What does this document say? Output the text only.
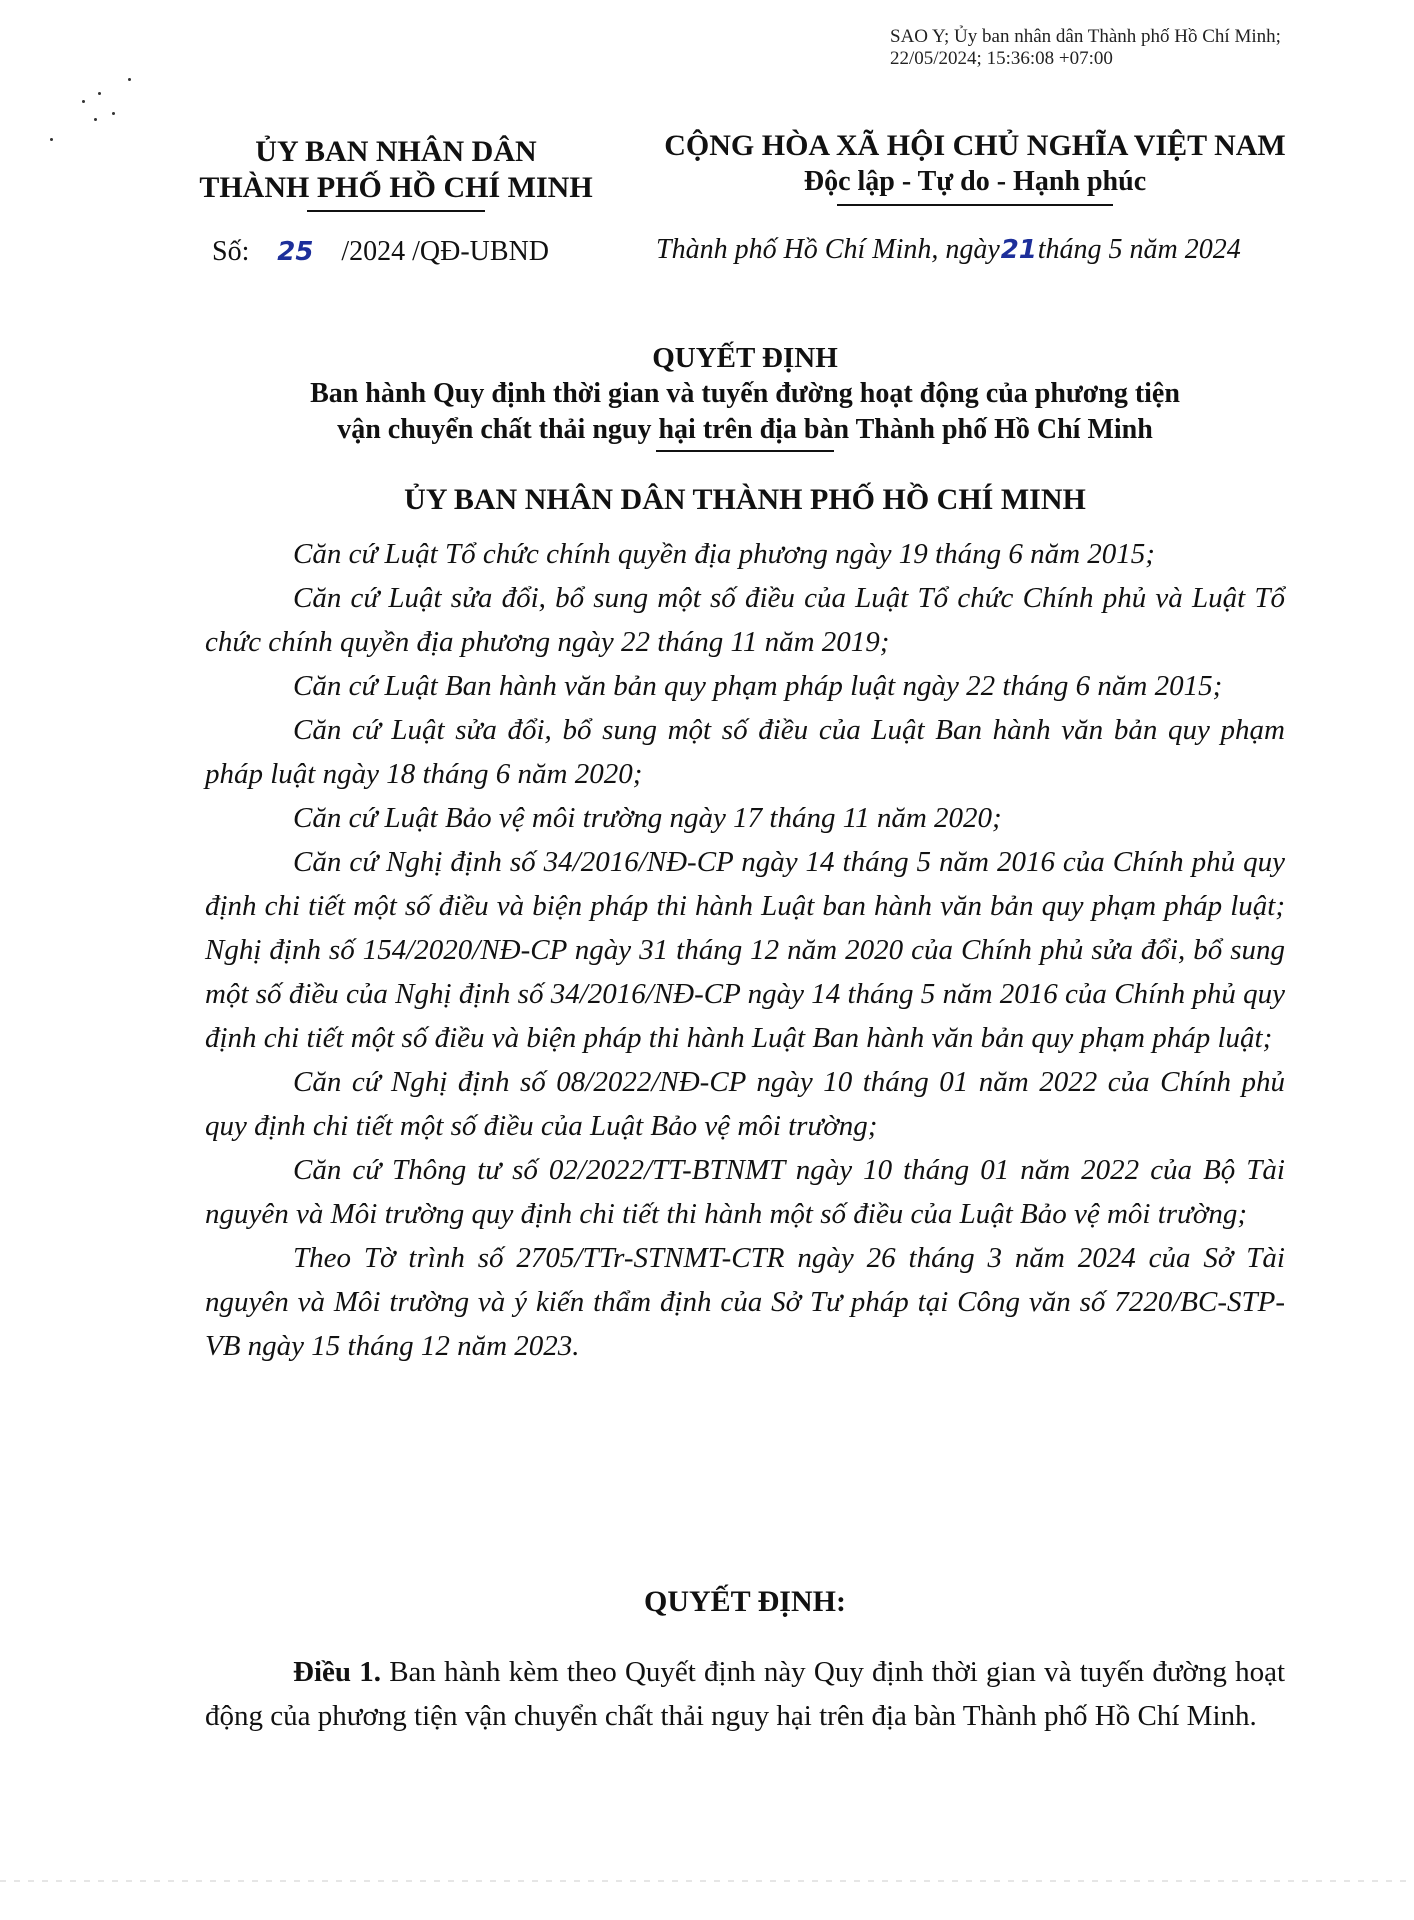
SAO Y; Ủy ban nhân dân Thành phố Hồ Chí Minh;
22/05/2024; 15:36:08 +07:00
ỦY BAN NHÂN DÂN
THÀNH PHỐ HỒ CHÍ MINH
CỘNG HÒA XÃ HỘI CHỦ NGHĨA VIỆT NAM
Độc lập - Tự do - Hạnh phúc
Số: 25 /2024 /QĐ-UBND	Thành phố Hồ Chí Minh, ngày21tháng 5 năm 2024
QUYẾT ĐỊNH
Ban hành Quy định thời gian và tuyến đường hoạt động của phương tiện
vận chuyển chất thải nguy hại trên địa bàn Thành phố Hồ Chí Minh
ỦY BAN NHÂN DÂN THÀNH PHỐ HỒ CHÍ MINH

Căn cứ Luật Tổ chức chính quyền địa phương ngày 19 tháng 6 năm 2015;

Căn cứ Luật sửa đổi, bổ sung một số điều của Luật Tổ chức Chính phủ và Luật Tổ chức chính quyền địa phương ngày 22 tháng 11 năm 2019;

Căn cứ Luật Ban hành văn bản quy phạm pháp luật ngày 22 tháng 6 năm 2015;

Căn cứ Luật sửa đổi, bổ sung một số điều của Luật Ban hành văn bản quy phạm pháp luật ngày 18 tháng 6 năm 2020;

Căn cứ Luật Bảo vệ môi trường ngày 17 tháng 11 năm 2020;

Căn cứ Nghị định số 34/2016/NĐ-CP ngày 14 tháng 5 năm 2016 của Chính phủ quy định chi tiết một số điều và biện pháp thi hành Luật ban hành văn bản quy phạm pháp luật; Nghị định số 154/2020/NĐ-CP ngày 31 tháng 12 năm 2020 của Chính phủ sửa đổi, bổ sung một số điều của Nghị định số 34/2016/NĐ-CP ngày 14 tháng 5 năm 2016 của Chính phủ quy định chi tiết một số điều và biện pháp thi hành Luật Ban hành văn bản quy phạm pháp luật;

Căn cứ Nghị định số 08/2022/NĐ-CP ngày 10 tháng 01 năm 2022 của Chính phủ quy định chi tiết một số điều của Luật Bảo vệ môi trường;

Căn cứ Thông tư số 02/2022/TT-BTNMT ngày 10 tháng 01 năm 2022 của Bộ Tài nguyên và Môi trường quy định chi tiết thi hành một số điều của Luật Bảo vệ môi trường;

Theo Tờ trình số 2705/TTr-STNMT-CTR ngày 26 tháng 3 năm 2024 của Sở Tài nguyên và Môi trường và ý kiến thẩm định của Sở Tư pháp tại Công văn số 7220/BC-STP-VB ngày 15 tháng 12 năm 2023.

QUYẾT ĐỊNH:
Điều 1. Ban hành kèm theo Quyết định này Quy định thời gian và tuyến đường hoạt động của phương tiện vận chuyển chất thải nguy hại trên địa bàn Thành phố Hồ Chí Minh.
